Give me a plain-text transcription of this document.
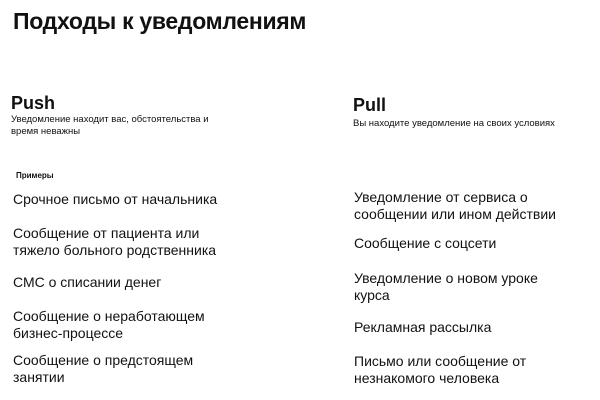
Подходы к уведомлениям

Push

Уведомление находит вас, обстоятельства и

время неважны

Примеры
Срочное письмо от начальника
Сообщение от пациента или
тяжело больного родственника
СМС о списании денег
Сообщение о неработающем
бизнес-процессе
Сообщение о предстоящем
занятии

Pull

Вы находите уведомление на своих условиях

Уведомление от сервиса о
сообщении или ином действии
Сообщение с соцсети
Уведомление о новом уроке
курса
Рекламная рассылка
Письмо или сообщение от
незнакомого человека
